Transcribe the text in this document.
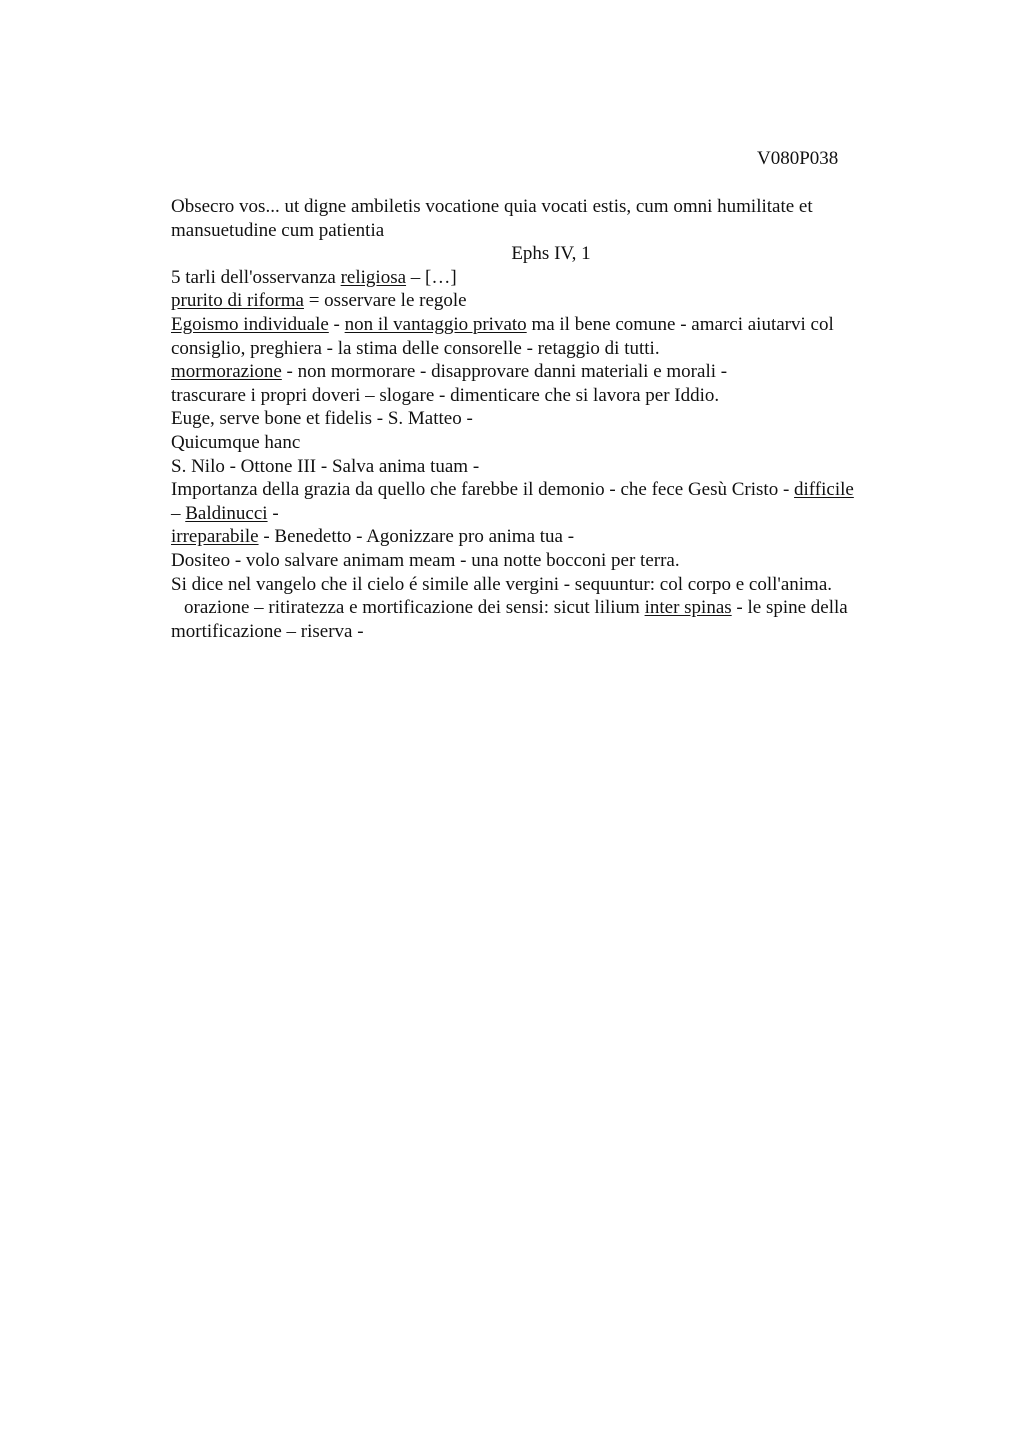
V080P038

Obsecro vos... ut digne ambiletis vocatione quia vocati estis, cum omni humilitate et

mansuetudine cum patientia

Ephs IV, 1

5 tarli dell'osservanza religiosa – […]

prurito di riforma = osservare le regole

Egoismo individuale - non il vantaggio privato ma il bene comune - amarci aiutarvi col

consiglio, preghiera - la stima delle consorelle - retaggio di tutti.

mormorazione - non mormorare - disapprovare danni materiali e morali -

trascurare i propri doveri – slogare - dimenticare che si lavora per Iddio.

Euge, serve bone et fidelis - S. Matteo -

Quicumque hanc

S. Nilo - Ottone III - Salva anima tuam -

Importanza della grazia da quello che farebbe il demonio - che fece Gesù Cristo - difficile

– Baldinucci -

irreparabile - Benedetto - Agonizzare pro anima tua -

Dositeo - volo salvare animam meam - una notte bocconi per terra.

Si dice nel vangelo che il cielo é simile alle vergini - sequuntur: col corpo e coll'anima.

orazione – ritiratezza e mortificazione dei sensi: sicut lilium inter spinas - le spine della

mortificazione – riserva -
